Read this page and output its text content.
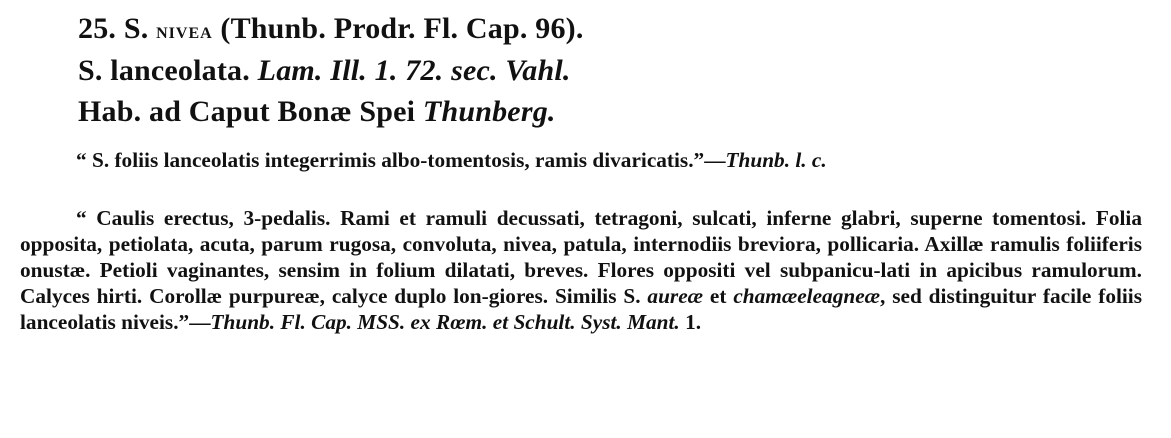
25. S. nivea (Thunb. Prodr. Fl. Cap. 96).
S. lanceolata. Lam. Ill. 1. 72. sec. Vahl.
Hab. ad Caput Bonæ Spei Thunberg.
“ S. foliis lanceolatis integerrimis albo-tomentosis, ramis divaricatis.”—Thunb. l. c.
“ Caulis erectus, 3-pedalis. Rami et ramuli decussati, tetragoni, sulcati, inferne glabri, superne tomentosi. Folia opposita, petiolata, acuta, parum rugosa, convoluta, nivea, patula, internodiis breviora, pollicaria. Axillæ ramulis foliiferis onustæ. Petioli vaginantes, sensim in folium dilatati, breves. Flores oppositi vel subpanicu-lati in apicibus ramulorum. Calyces hirti. Corollæ purpureæ, calyce duplo lon-giores. Similis S. aureæ et chamæeleagneæ, sed distinguitur facile foliis lanceolatis niveis.”—Thunb. Fl. Cap. MSS. ex Rœm. et Schult. Syst. Mant. 1.
